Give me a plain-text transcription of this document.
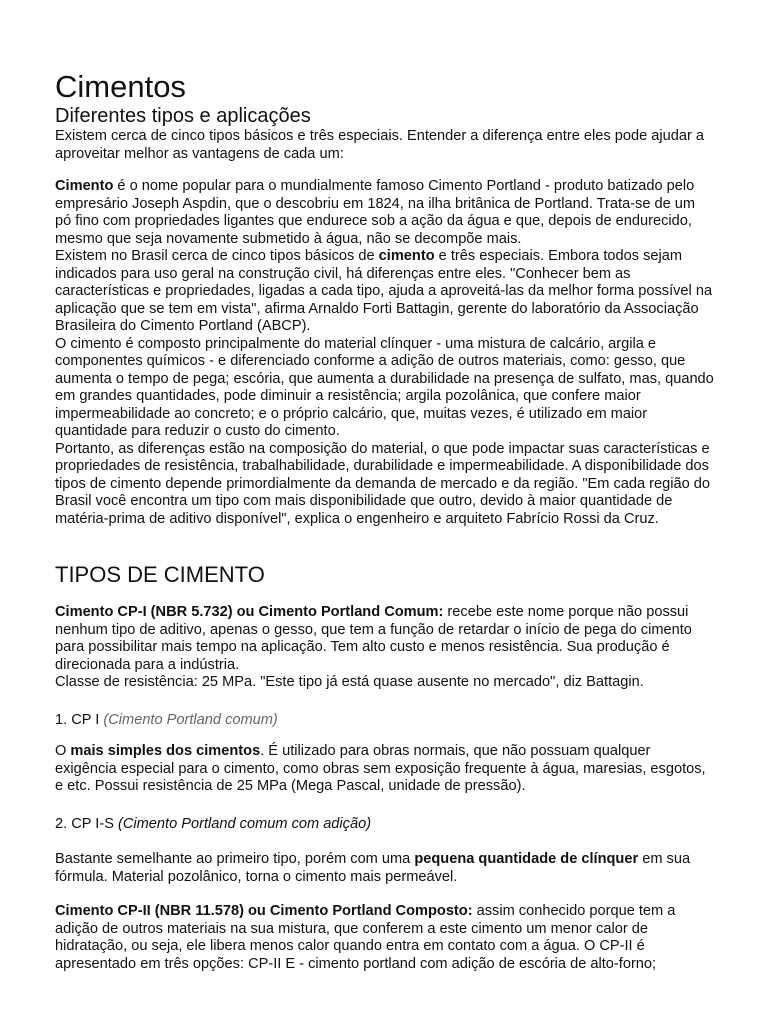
Cimentos
Diferentes tipos e aplicações

Existem cerca de cinco tipos básicos e três especiais. Entender a diferença entre eles pode ajudar a aproveitar melhor as vantagens de cada um:

Cimento é o nome popular para o mundialmente famoso Cimento Portland - produto batizado pelo empresário Joseph Aspdin, que o descobriu em 1824, na ilha britânica de Portland. Trata-se de um pó fino com propriedades ligantes que endurece sob a ação da água e que, depois de endurecido, mesmo que seja novamente submetido à água, não se decompõe mais.
Existem no Brasil cerca de cinco tipos básicos de cimento e três especiais. Embora todos sejam indicados para uso geral na construção civil, há diferenças entre eles. "Conhecer bem as características e propriedades, ligadas a cada tipo, ajuda a aproveitá-las da melhor forma possível na aplicação que se tem em vista", afirma Arnaldo Forti Battagin, gerente do laboratório da Associação Brasileira do Cimento Portland (ABCP).
O cimento é composto principalmente do material clínquer - uma mistura de calcário, argila e componentes químicos - e diferenciado conforme a adição de outros materiais, como: gesso, que aumenta o tempo de pega; escória, que aumenta a durabilidade na presença de sulfato, mas, quando em grandes quantidades, pode diminuir a resistência; argila pozolânica, que confere maior impermeabilidade ao concreto; e o próprio calcário, que, muitas vezes, é utilizado em maior quantidade para reduzir o custo do cimento.
Portanto, as diferenças estão na composição do material, o que pode impactar suas características e propriedades de resistência, trabalhabilidade, durabilidade e impermeabilidade. A disponibilidade dos tipos de cimento depende primordialmente da demanda de mercado e da região. "Em cada região do Brasil você encontra um tipo com mais disponibilidade que outro, devido à maior quantidade de matéria-prima de aditivo disponível", explica o engenheiro e arquiteto Fabrício Rossi da Cruz.
TIPOS DE CIMENTO
Cimento CP-I (NBR 5.732) ou Cimento Portland Comum: recebe este nome porque não possui nenhum tipo de aditivo, apenas o gesso, que tem a função de retardar o início de pega do cimento para possibilitar mais tempo na aplicação. Tem alto custo e menos resistência. Sua produção é direcionada para a indústria.
Classe de resistência: 25 MPa. "Este tipo já está quase ausente no mercado", diz Battagin.
1. CP I (Cimento Portland comum)

O mais simples dos cimentos. É utilizado para obras normais, que não possuam qualquer exigência especial para o cimento, como obras sem exposição frequente à água, maresias, esgotos, e etc. Possui resistência de 25 MPa (Mega Pascal, unidade de pressão).

2. CP I-S (Cimento Portland comum com adição)

Bastante semelhante ao primeiro tipo, porém com uma pequena quantidade de clínquer em sua fórmula. Material pozolânico, torna o cimento mais permeável.

Cimento CP-II (NBR 11.578) ou Cimento Portland Composto: assim conhecido porque tem a adição de outros materiais na sua mistura, que conferem a este cimento um menor calor de hidratação, ou seja, ele libera menos calor quando entra em contato com a água. O CP-II é apresentado em três opções: CP-II E - cimento portland com adição de escória de alto-forno;
